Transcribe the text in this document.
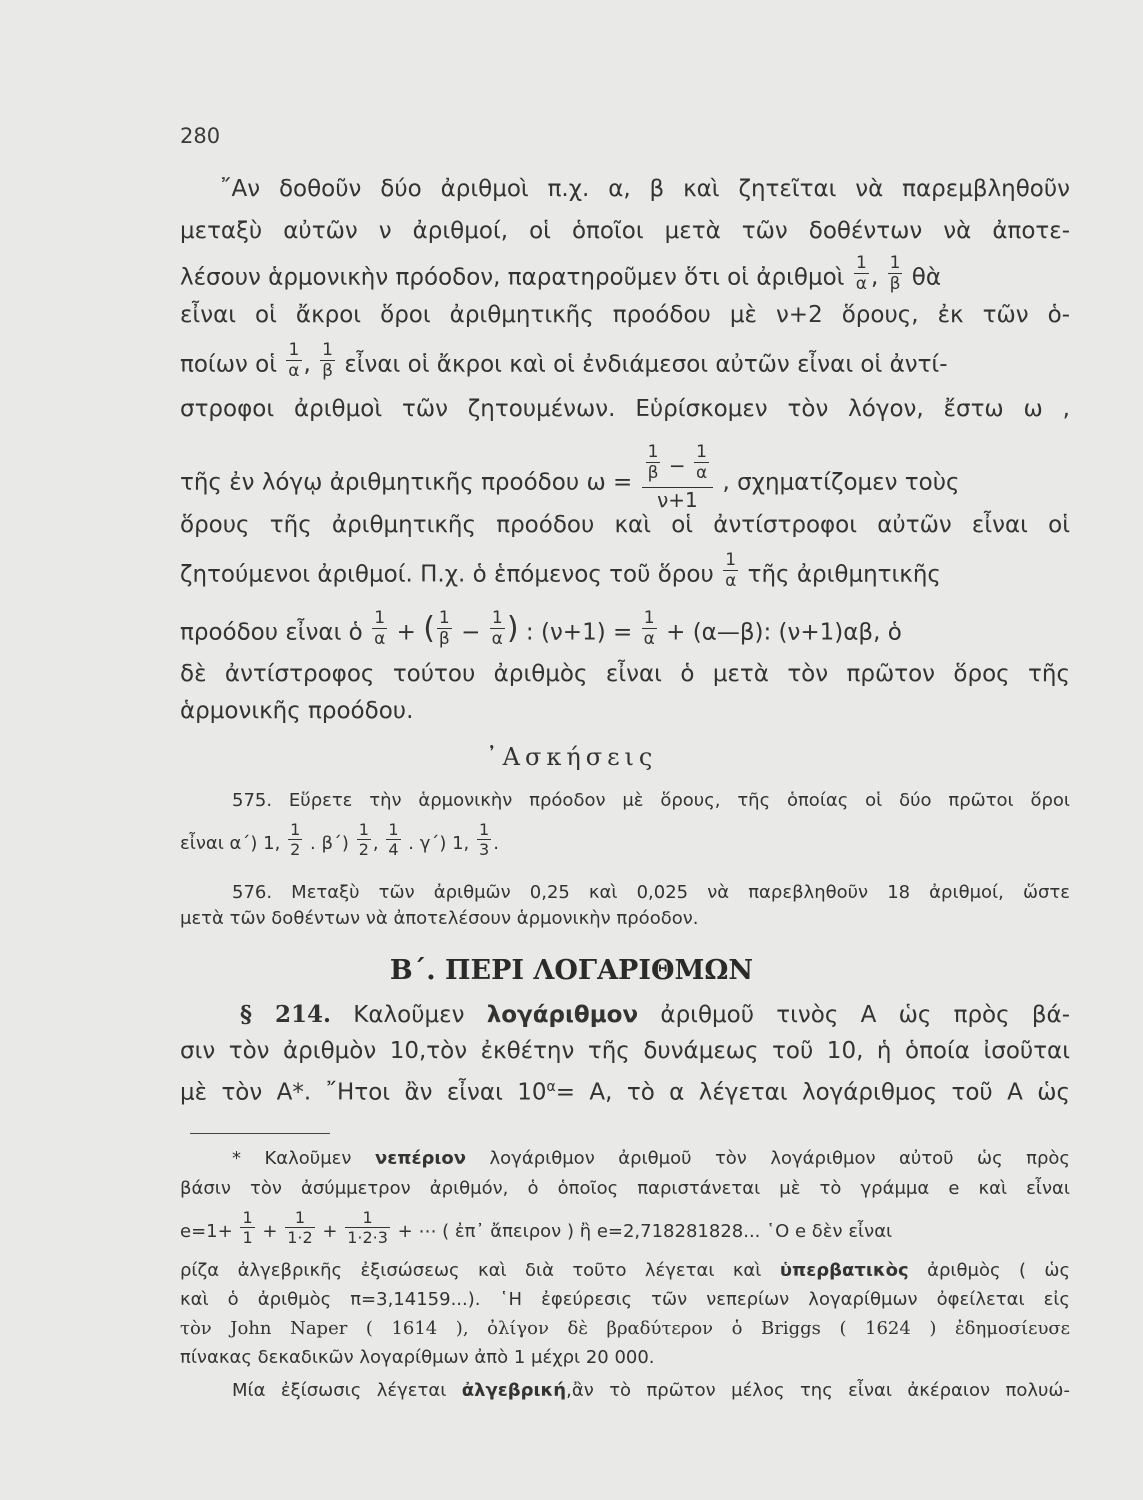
280
῎Αν δοθοῦν δύο ἀριθμοὶ π.χ. α, β καὶ ζητεῖται νὰ παρεμβληθοῦν
μεταξὺ αὐτῶν ν ἀριθμοί, οἱ ὁποῖοι μετὰ τῶν δοθέντων νὰ ἀποτε-
λέσουν ἁρμονικὴν πρόοδον, παρατηροῦμεν ὅτι οἱ ἀριθμοὶ $\frac{1}{\alpha}$ , $\frac{1}{\beta}$ θὰ
εἶναι οἱ ἄκροι ὅροι ἀριθμητικῆς προόδου μὲ ν+2 ὅρους, ἐκ τῶν ὁ-
ποίων οἱ $\frac{1}{\alpha}$ , $\frac{1}{\beta}$ εἶναι οἱ ἄκροι καὶ οἱ ἐνδιάμεσοι αὐτῶν εἶναι οἱ ἀντί-
στροφοι ἀριθμοὶ τῶν ζητουμένων. Εὑρίσκομεν τὸν λόγον, ἔστω ω ,
τῆς ἐν λόγῳ ἀριθμητικῆς προόδου $\omega = \frac{\frac{1}{\beta} - \frac{1}{\alpha}}{\nu+1}$ , σχηματίζομεν τοὺς
ὅρους τῆς ἀριθμητικῆς προόδου καὶ οἱ ἀντίστροφοι αὐτῶν εἶναι οἱ
ζητούμενοι ἀριθμοί. Π.χ. ὁ ἑπόμενος τοῦ ὅρου $\frac{1}{\alpha}$ τῆς ἀριθμητικῆς
προόδου εἶναι ὁ $\frac{1}{\alpha}$ + ( $\frac{1}{\beta} - \frac{1}{\alpha}$ ) : $(\nu+1) = \frac{1}{\alpha}$ + (α—β): (ν+1)αβ, ὁ
δὲ ἀντίστροφος τούτου ἀριθμὸς εἶναι ὁ μετὰ τὸν πρῶτον ὅρος τῆς
ἁρμονικῆς προόδου.
᾿Ασκήσεις
575. Εὕρετε τὴν ἁρμονικὴν πρόοδον μὲ ὅρους, τῆς ὁποίας οἱ δύο πρῶτοι ὅροι
εἶναι α΄) 1, $\frac{1}{2}$ . $\beta΄) \frac{1}{2}$ , $\frac{1}{4}$ . γ΄) 1, $\frac{1}{3}$ .
576. Μεταξὺ τῶν ἀριθμῶν 0,25 καὶ 0,025 νὰ παρεβληθοῦν 18 ἀριθμοί, ὥστε
μετὰ τῶν δοθέντων νὰ ἀποτελέσουν ἁρμονικὴν πρόοδον.
Β΄. ΠΕΡΙ ΛΟΓΑΡΙΘΜΩΝ
§ 214. Καλοῦμεν λογάριθμον ἀριθμοῦ τινὸς Α ὡς πρὸς βά-
σιν τὸν ἀριθμὸν 10,τὸν ἐκθέτην τῆς δυνάμεως τοῦ 10, ἡ ὁποία ἰσοῦται
μὲ τὸν Α*. ῎Ητοι ἂν εἶναι $10^\alpha= A$, τὸ α λέγεται λογάριθμος τοῦ Α ὡς
* Καλοῦμεν νεπέριον λογάριθμον ἀριθμοῦ τὸν λογάριθμον αὐτοῦ ὡς πρὸς
βάσιν τὸν ἀσύμμετρον ἀριθμόν, ὁ ὁποῖος παριστάνεται μὲ τὸ γράμμα e καὶ εἶναι
$e=1+ \frac{1}{1} + \frac{1}{1\cdot 2} + \frac{1}{1\cdot 2\cdot 3}$ + ⋯ ( ἐπ᾿ ἄπειρον ) ἢ e=2,718281828... ῾Ο e δὲν εἶναι
ρίζα ἀλγεβρικῆς ἐξισώσεως καὶ διὰ τοῦτο λέγεται καὶ ὑπερβατικὸς ἀριθμὸς ( ὡς
καὶ ὁ ἀριθμὸς π=3,14159...). ῾Η ἐφεύρεσις τῶν νεπερίων λογαρίθμων ὀφείλεται εἰς
τὸν John Naper ( 1614 ), ὀλίγον δὲ βραδύτερον ὁ Briggs ( 1624 ) ἐδημοσίευσε
πίνακας δεκαδικῶν λογαρίθμων ἀπὸ 1 μέχρι 20 000.
Μία ἐξίσωσις λέγεται ἀλγεβρική,ἂν τὸ πρῶτον μέλος της εἶναι ἀκέραιον πολυώ-
